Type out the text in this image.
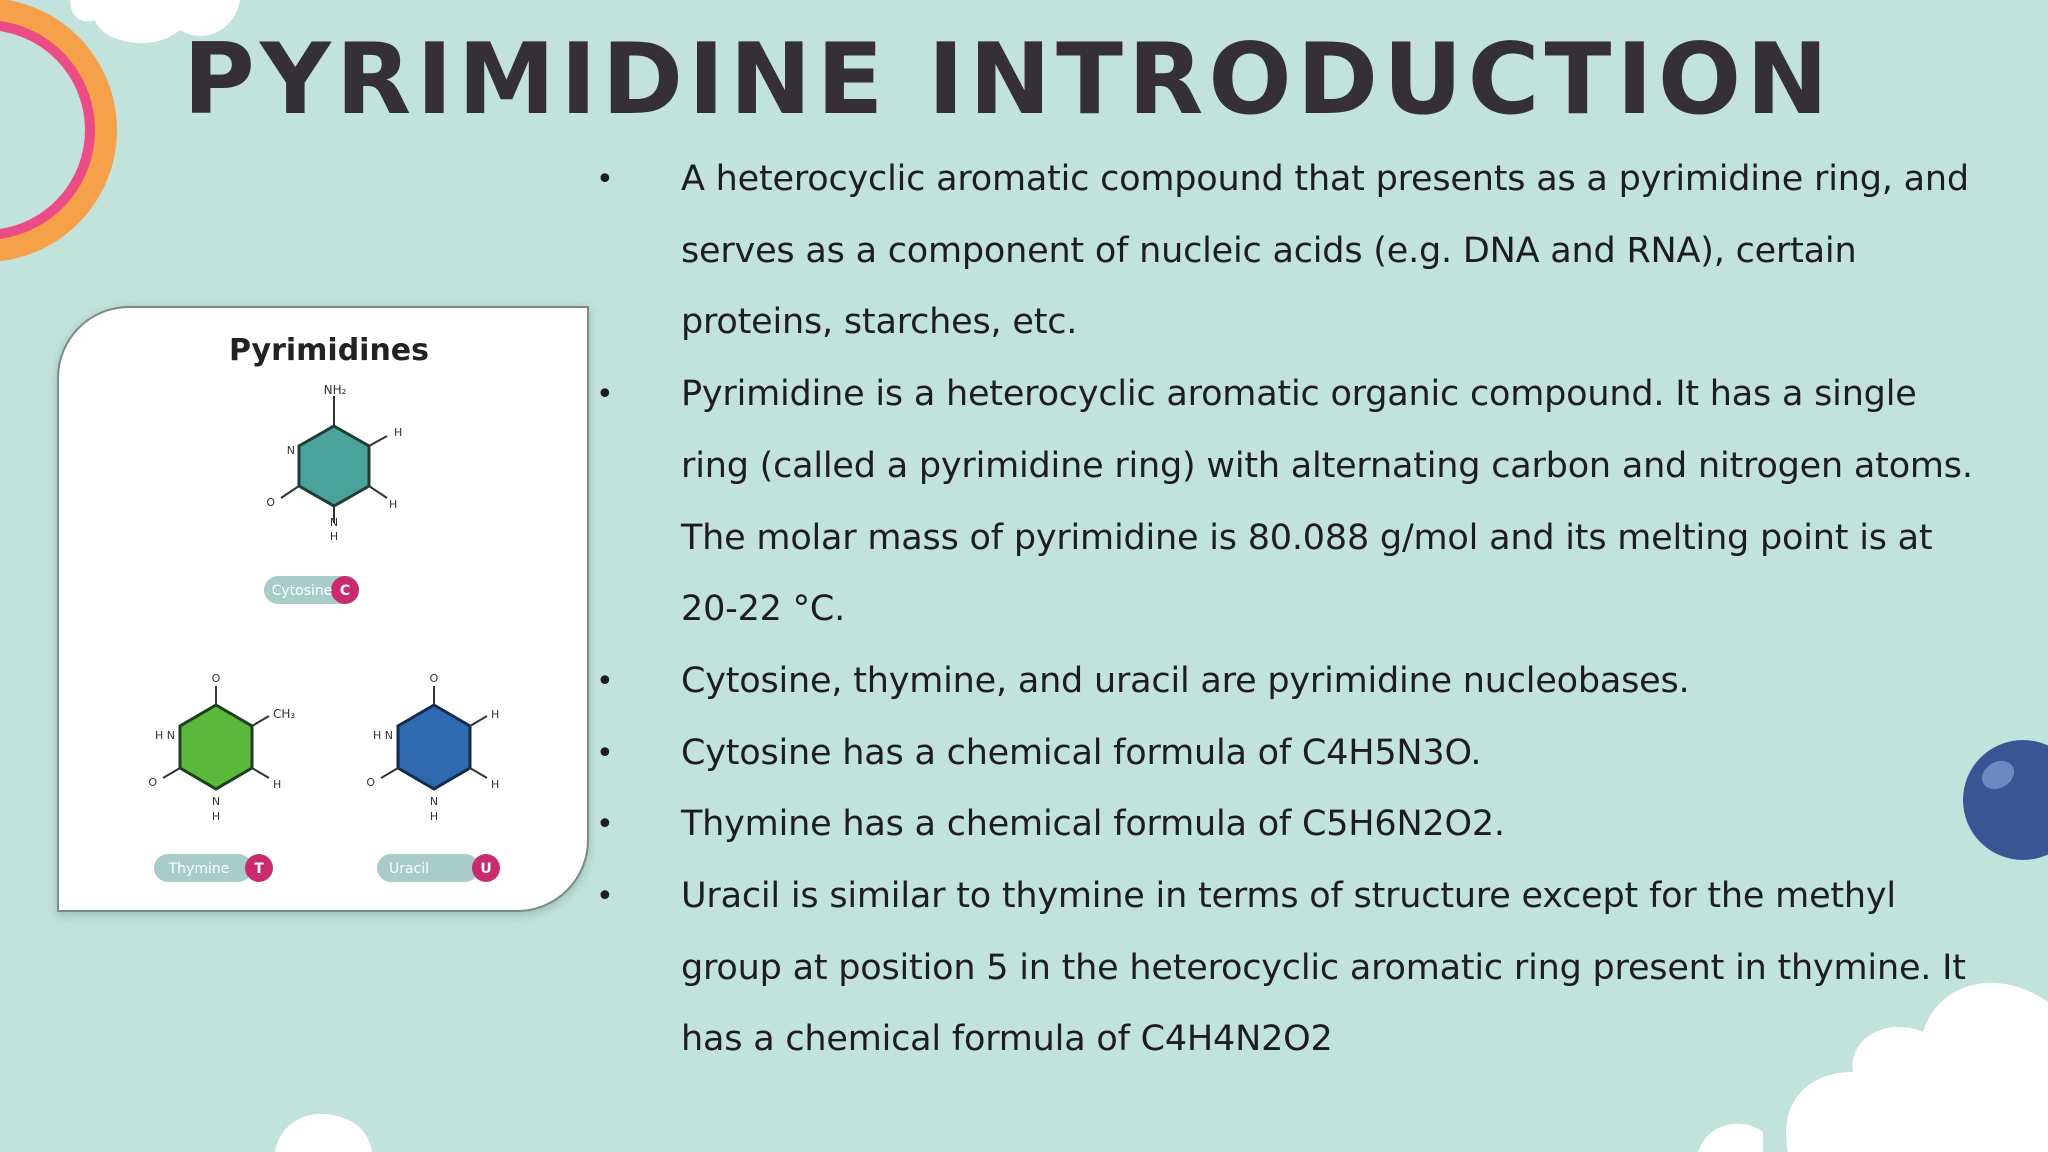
PYRIMIDINE INTRODUCTION
Pyrimidines
NH₂
N
H
H
O
N
H
Cytosine C
O
CH₃
H
H N
O
N
H
Thymine T
O
H
H
H N
O
N
H
Uracil	U
•	A heterocyclic aromatic compound that presents as a pyrimidine ring, and serves as a component of nucleic acids (e.g. DNA and RNA), certain proteins, starches, etc.
•	Pyrimidine is a heterocyclic aromatic organic compound. It has a single ring (called a pyrimidine ring) with alternating carbon and nitrogen atoms. The molar mass of pyrimidine is 80.088 g/mol and its melting point is at 20-22 °C.
•	Cytosine, thymine, and uracil are pyrimidine nucleobases.
•	Cytosine has a chemical formula of C4H5N3O.
•	Thymine has a chemical formula of C5H6N2O2.
•	Uracil is similar to thymine in terms of structure except for the methyl group at position 5 in the heterocyclic aromatic ring present in thymine. It has a chemical formula of C4H4N2O2
